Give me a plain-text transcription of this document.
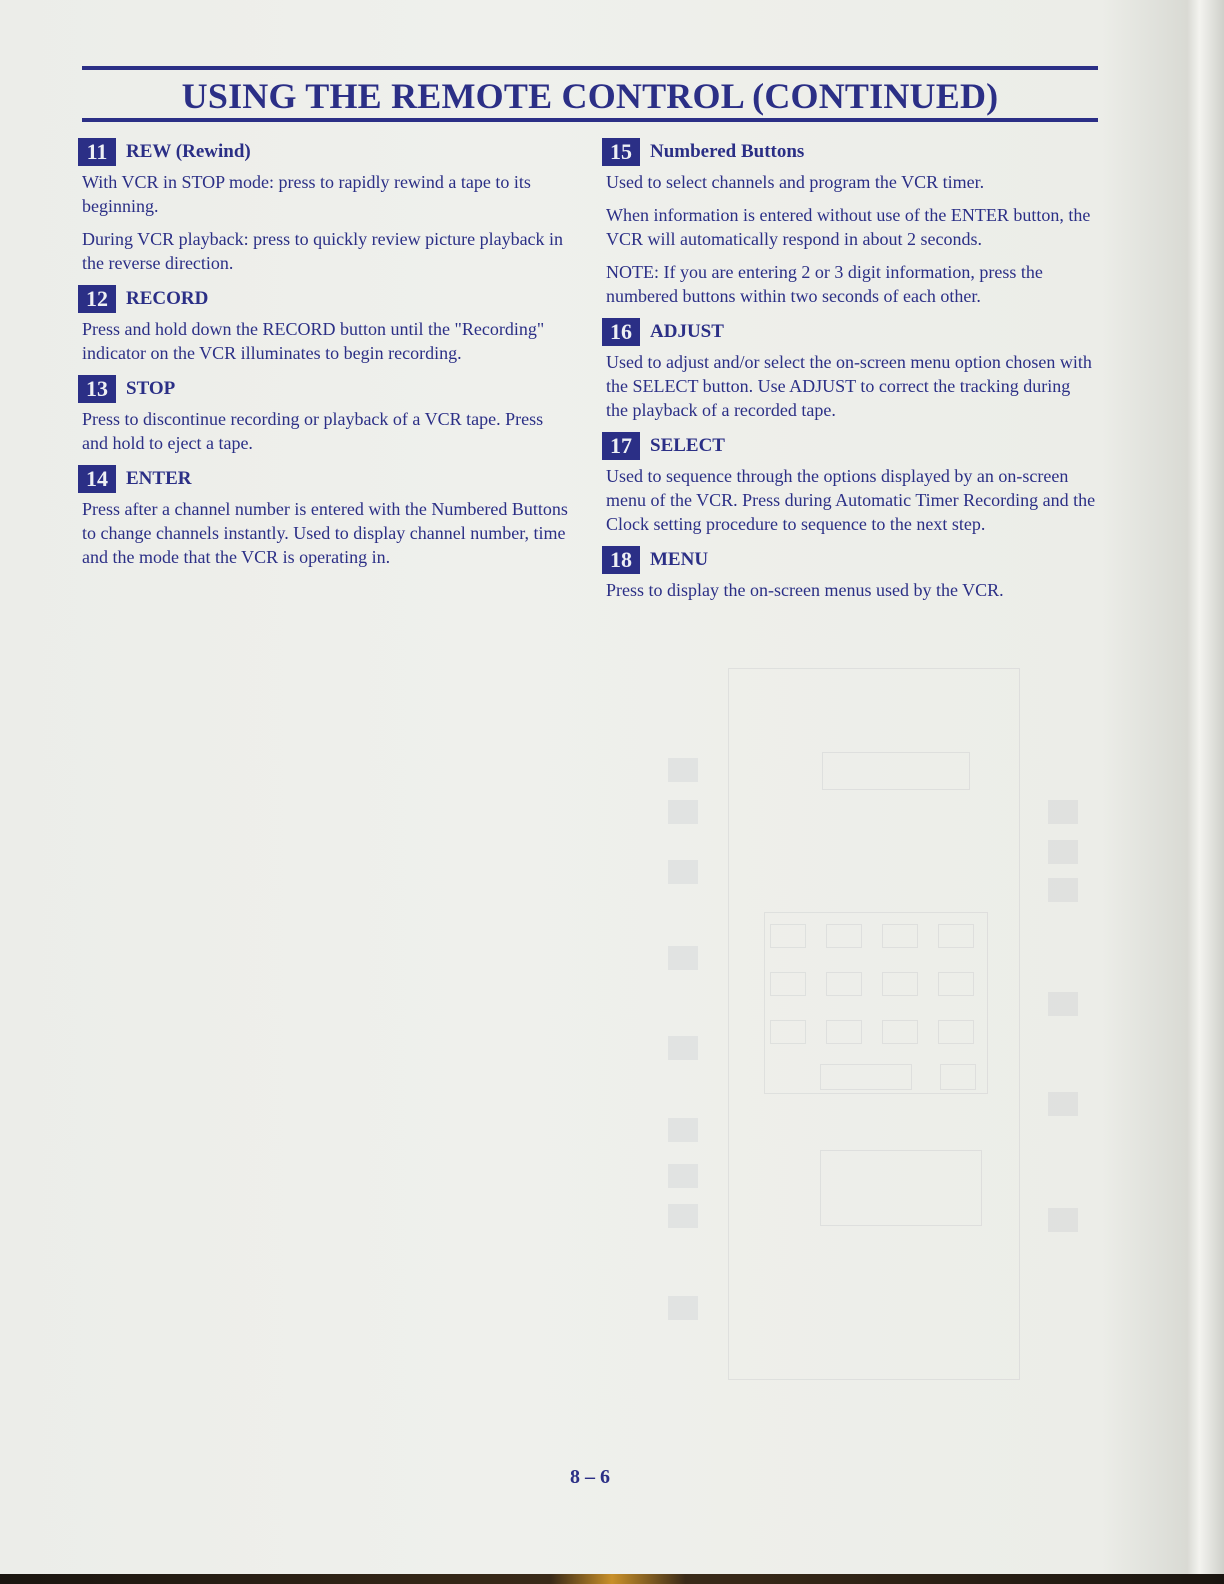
USING THE REMOTE CONTROL (CONTINUED)
11 REW (Rewind)

With VCR in STOP mode: press to rapidly rewind a tape to its beginning.

During VCR playback: press to quickly review picture playback in the reverse direction.

12 RECORD

Press and hold down the RECORD button until the "Recording" indicator on the VCR illuminates to begin recording.

13 STOP

Press to discontinue recording or playback of a VCR tape. Press and hold to eject a tape.

14 ENTER

Press after a channel number is entered with the Numbered Buttons to change channels instantly. Used to display channel number, time and the mode that the VCR is operating in.

15 Numbered Buttons

Used to select channels and program the VCR timer.

When information is entered without use of the ENTER button, the VCR will automatically respond in about 2 seconds.

NOTE: If you are entering 2 or 3 digit information, press the numbered buttons within two seconds of each other.

16 ADJUST

Used to adjust and/or select the on-screen menu option chosen with the SELECT button. Use ADJUST to correct the tracking during the playback of a recorded tape.

17 SELECT

Used to sequence through the options displayed by an on-screen menu of the VCR. Press during Automatic Timer Recording and the Clock setting procedure to sequence to the next step.

18 MENU

Press to display the on-screen menus used by the VCR.

8 – 6
